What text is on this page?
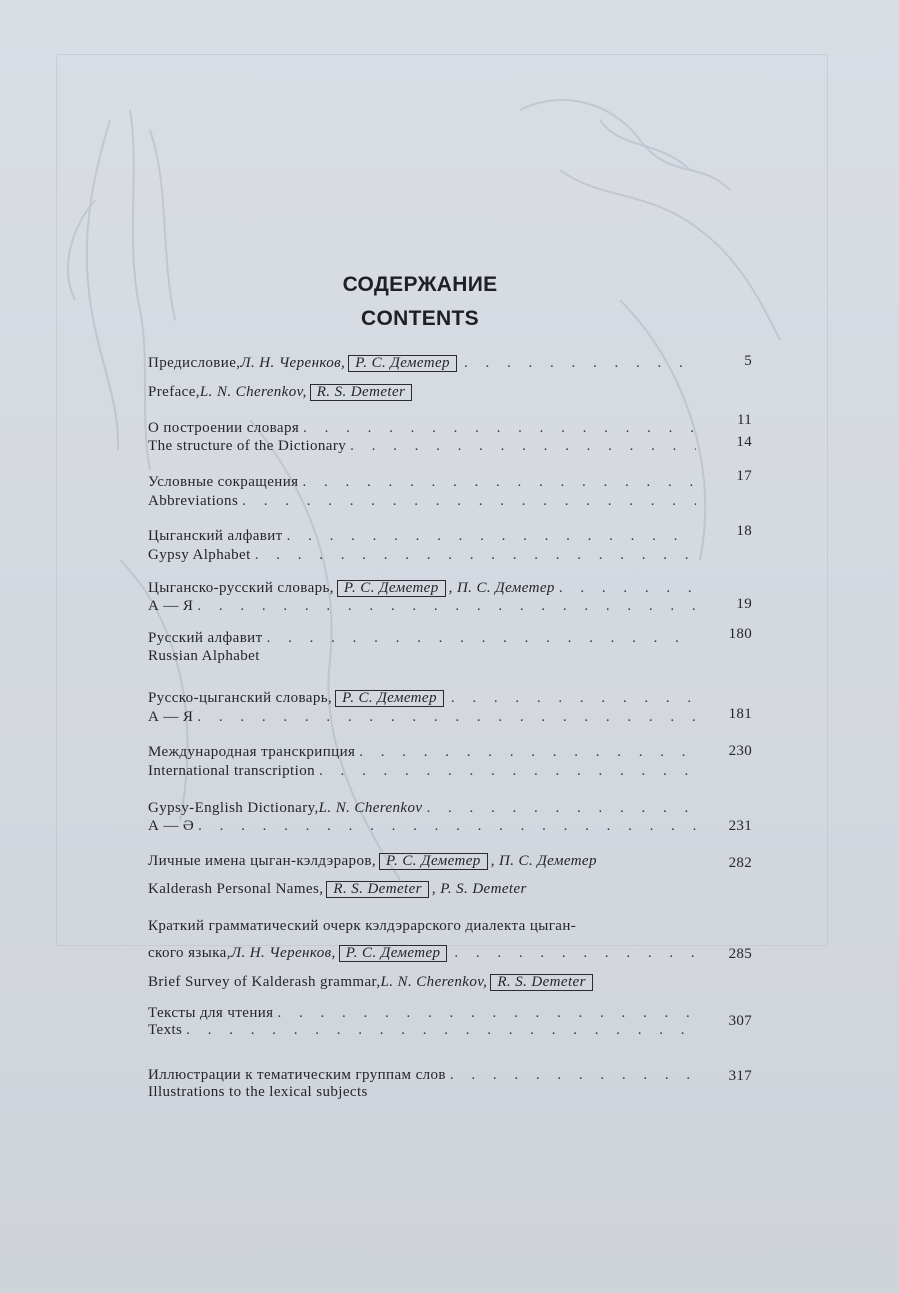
СОДЕРЖАНИЕ
CONTENTS
Предисловие, Л. Н. Черенков, Р. С. Деметер . . .	5
Preface, L. N. Cherenkov, R. S. Demeter
О построении словаря . . .	11
The structure of the Dictionary . . .	14
Условные сокращения . . .	17
Abbreviations
. . .
Цыганский алфавит . . .	18
Gypsy Alphabet
. . .
Цыганско-русский словарь, Р. С. Деметер , П. С. Деметер
. . .
А — Я . . .	19
Русский алфавит . . .	180
Russian Alphabet
Русско-цыганский словарь, Р. С. Деметер
. . .
А — Я . . .	181
Международная транскрипция . . .	230
International transcription
. . .
Gypsy-English Dictionary, L. N. Cherenkov
. . .
А — Ә . . .	231
Личные имена цыган-кэлдэраров, Р. С. Деметер , П. С. Деметер	282
Kalderash Personal Names, R. S. Demeter , P. S. Demeter
Краткий грамматический очерк кэлдэрарского диалекта цыган-
ского языка, Л. Н. Черенков, Р. С. Деметер . . .	285
Brief Survey of Kalderash grammar, L. N. Cherenkov, R. S. Demeter
Тексты для чтения . . .	307
Texts
. . .
Иллюстрации к тематическим группам слов . . .	317
Illustrations to the lexical subjects
